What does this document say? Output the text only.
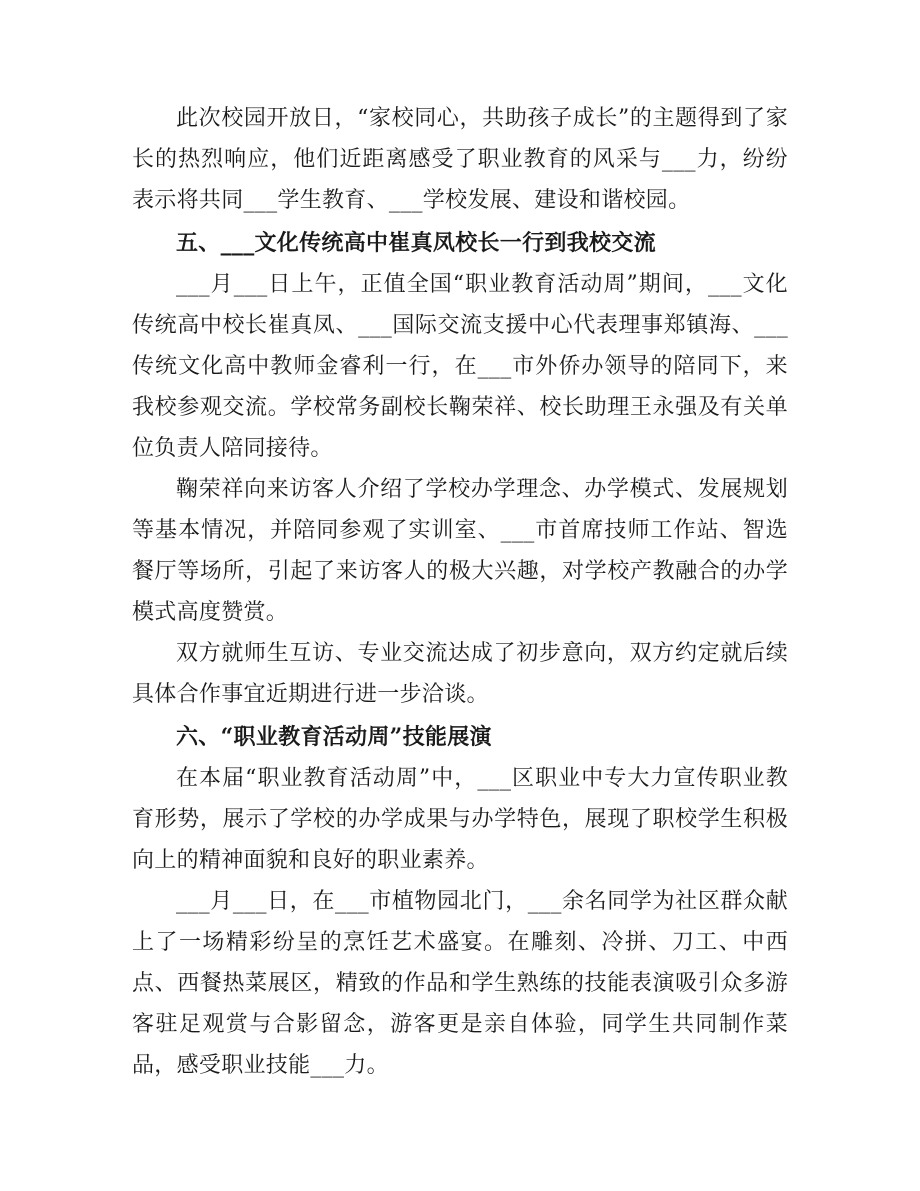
此次校园开放日，“家校同心，共助孩子成长”的主题得到了家长的热烈响应，他们近距离感受了职业教育的风采与___力，纷纷表示将共同___学生教育、___学校发展、建设和谐校园。

五、___文化传统高中崔真凤校长一行到我校交流

___月___日上午，正值全国“职业教育活动周”期间，___文化传统高中校长崔真凤、___国际交流支援中心代表理事郑镇海、___传统文化高中教师金睿利一行，在___市外侨办领导的陪同下，来我校参观交流。学校常务副校长鞠荣祥、校长助理王永强及有关单位负责人陪同接待。

鞠荣祥向来访客人介绍了学校办学理念、办学模式、发展规划等基本情况，并陪同参观了实训室、___市首席技师工作站、智选餐厅等场所，引起了来访客人的极大兴趣，对学校产教融合的办学模式高度赞赏。

双方就师生互访、专业交流达成了初步意向，双方约定就后续具体合作事宜近期进行进一步洽谈。

六、“职业教育活动周”技能展演

在本届“职业教育活动周”中，___区职业中专大力宣传职业教育形势，展示了学校的办学成果与办学特色，展现了职校学生积极向上的精神面貌和良好的职业素养。

___月___日，在___市植物园北门，___余名同学为社区群众献上了一场精彩纷呈的烹饪艺术盛宴。在雕刻、冷拼、刀工、中西点、西餐热菜展区，精致的作品和学生熟练的技能表演吸引众多游客驻足观赏与合影留念，游客更是亲自体验，同学生共同制作菜品，感受职业技能___力。
